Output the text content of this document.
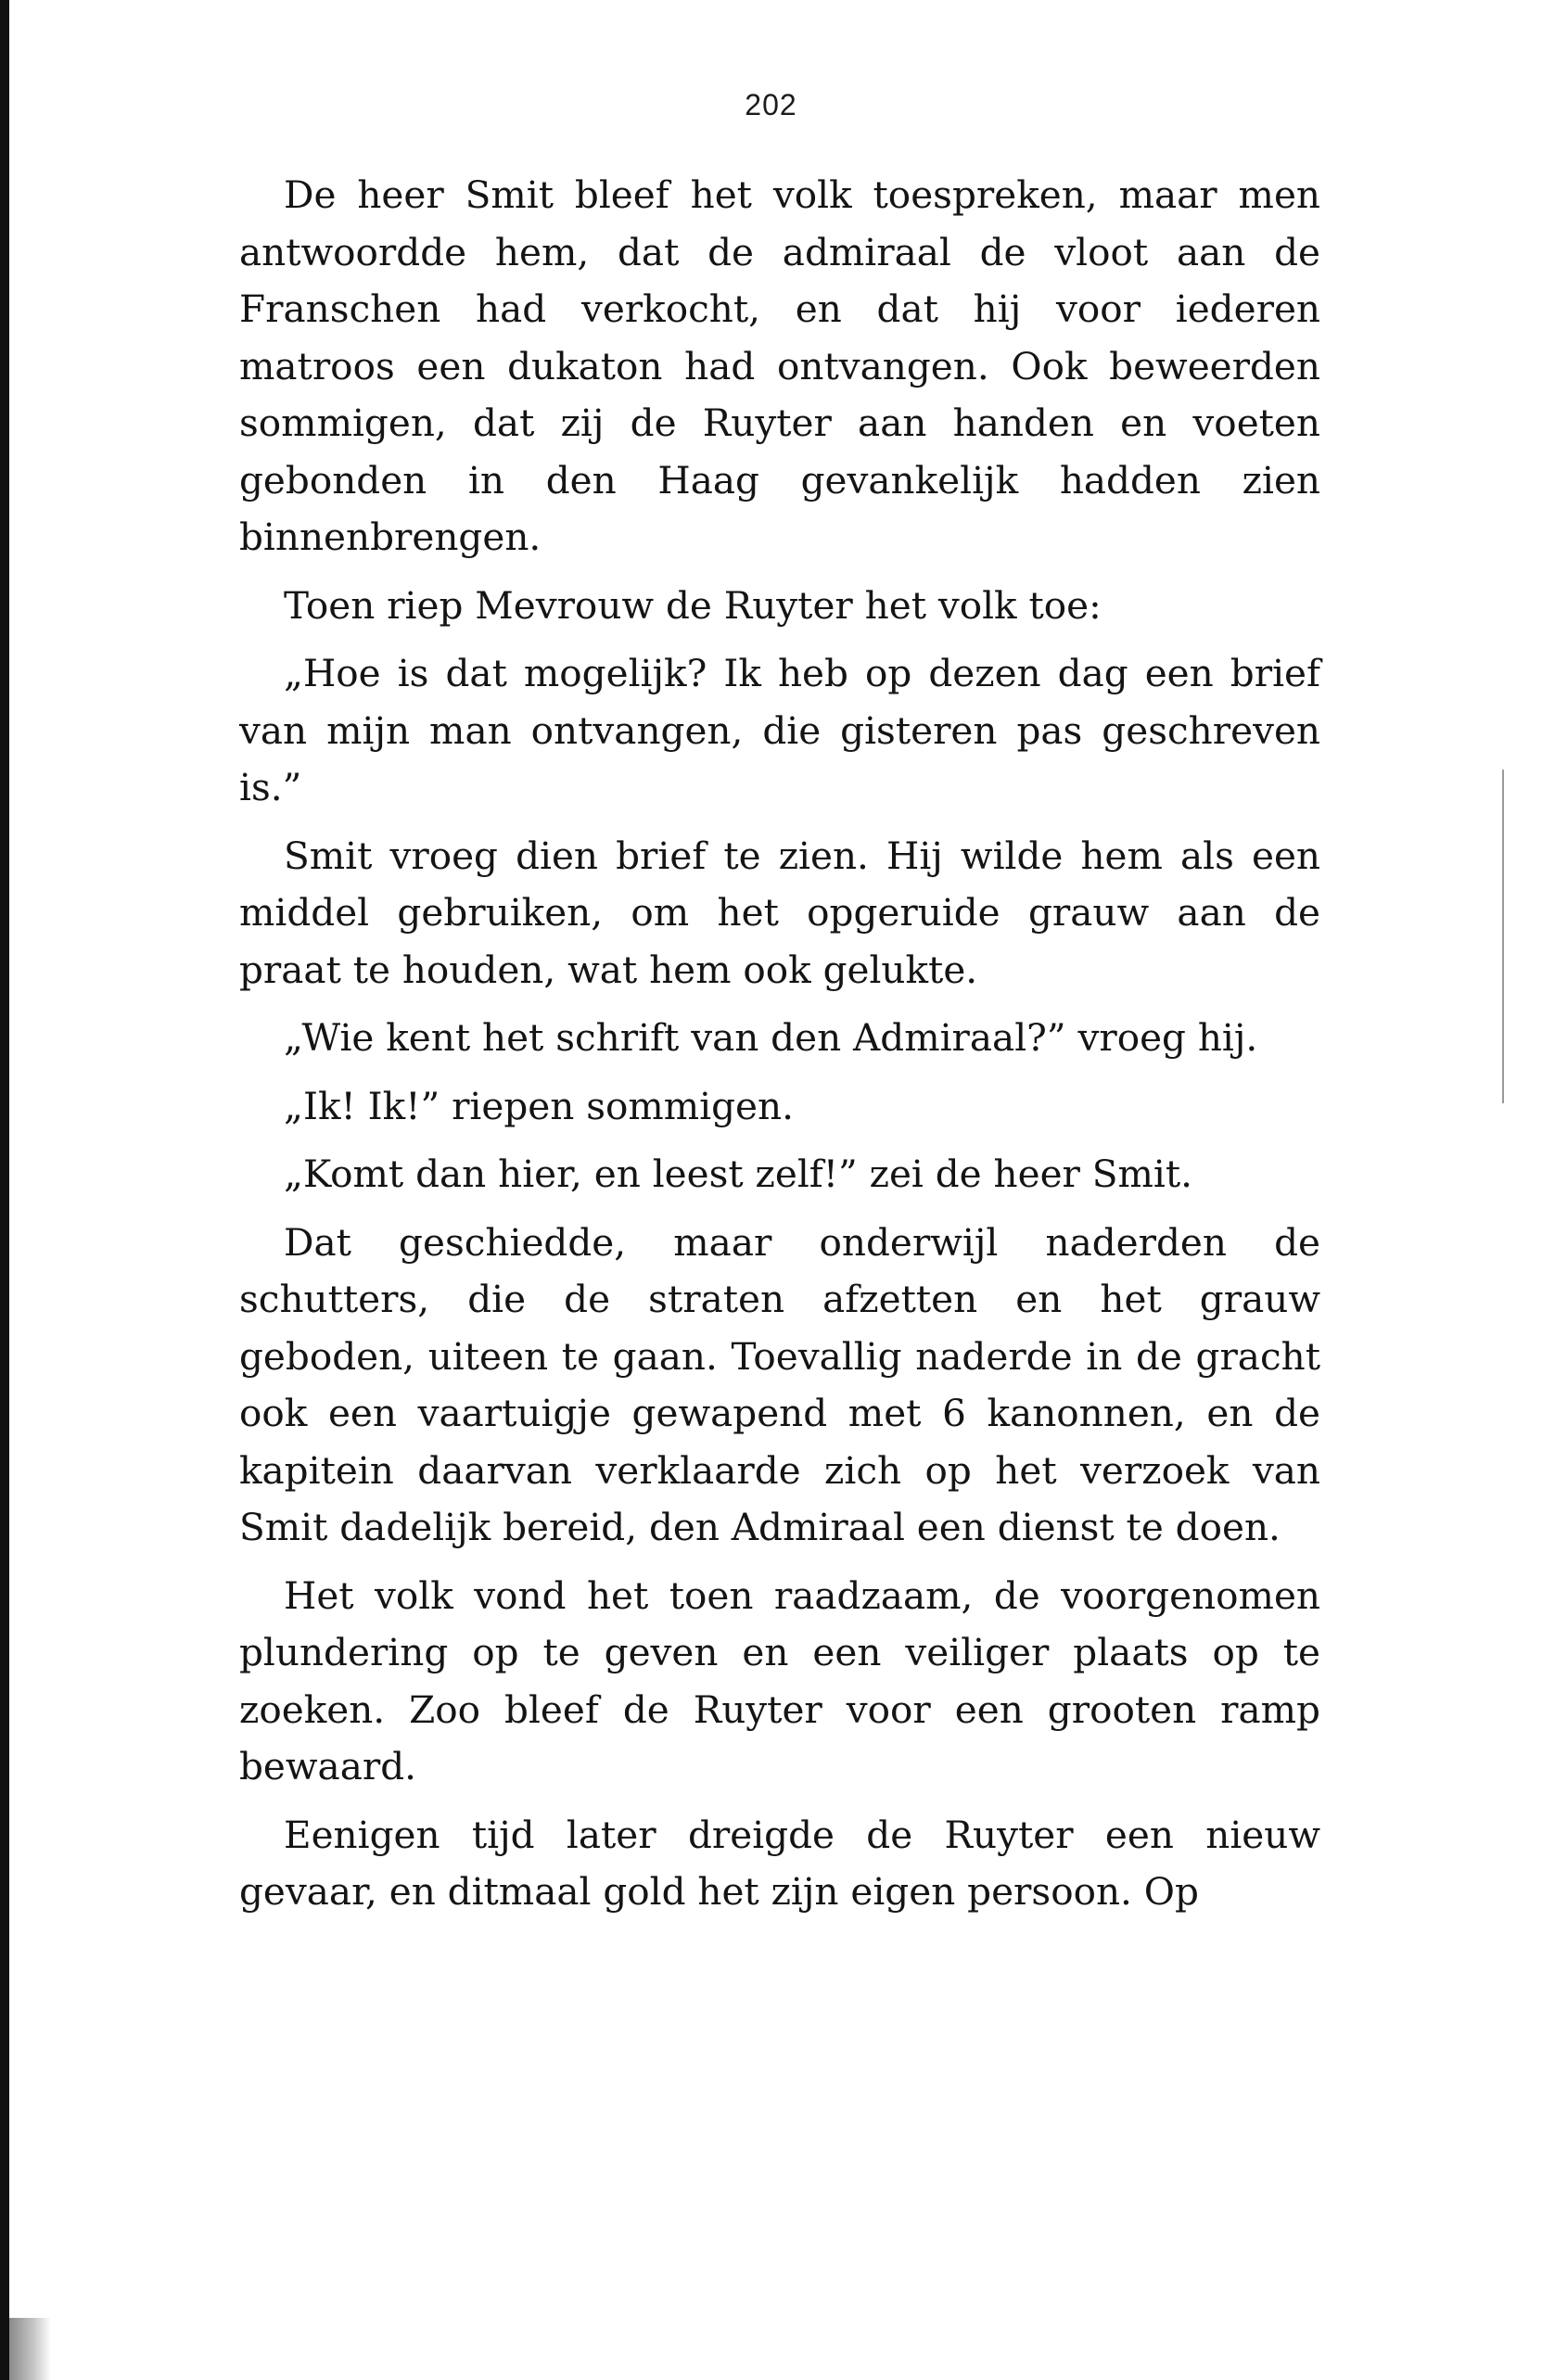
202

De heer Smit bleef het volk toespreken, maar men antwoordde hem, dat de admiraal de vloot aan de Franschen had verkocht, en dat hij voor iederen matroos een dukaton had ontvangen. Ook beweerden sommigen, dat zij de Ruyter aan handen en voeten gebonden in den Haag gevankelijk hadden zien binnenbrengen.

Toen riep Mevrouw de Ruyter het volk toe:

„Hoe is dat mogelijk? Ik heb op dezen dag een brief van mijn man ontvangen, die gisteren pas geschreven is.”

Smit vroeg dien brief te zien. Hij wilde hem als een middel gebruiken, om het opgeruide grauw aan de praat te houden, wat hem ook gelukte.

„Wie kent het schrift van den Admiraal?” vroeg hij.

„Ik! Ik!” riepen sommigen.

„Komt dan hier, en leest zelf!” zei de heer Smit.

Dat geschiedde, maar onderwijl naderden de schutters, die de straten afzetten en het grauw geboden, uiteen te gaan. Toevallig naderde in de gracht ook een vaartuigje gewapend met 6 kanonnen, en de kapitein daarvan verklaarde zich op het verzoek van Smit dadelijk bereid, den Admiraal een dienst te doen.

Het volk vond het toen raadzaam, de voorgenomen plundering op te geven en een veiliger plaats op te zoeken. Zoo bleef de Ruyter voor een grooten ramp bewaard.

Eenigen tijd later dreigde de Ruyter een nieuw gevaar, en ditmaal gold het zijn eigen persoon. Op
